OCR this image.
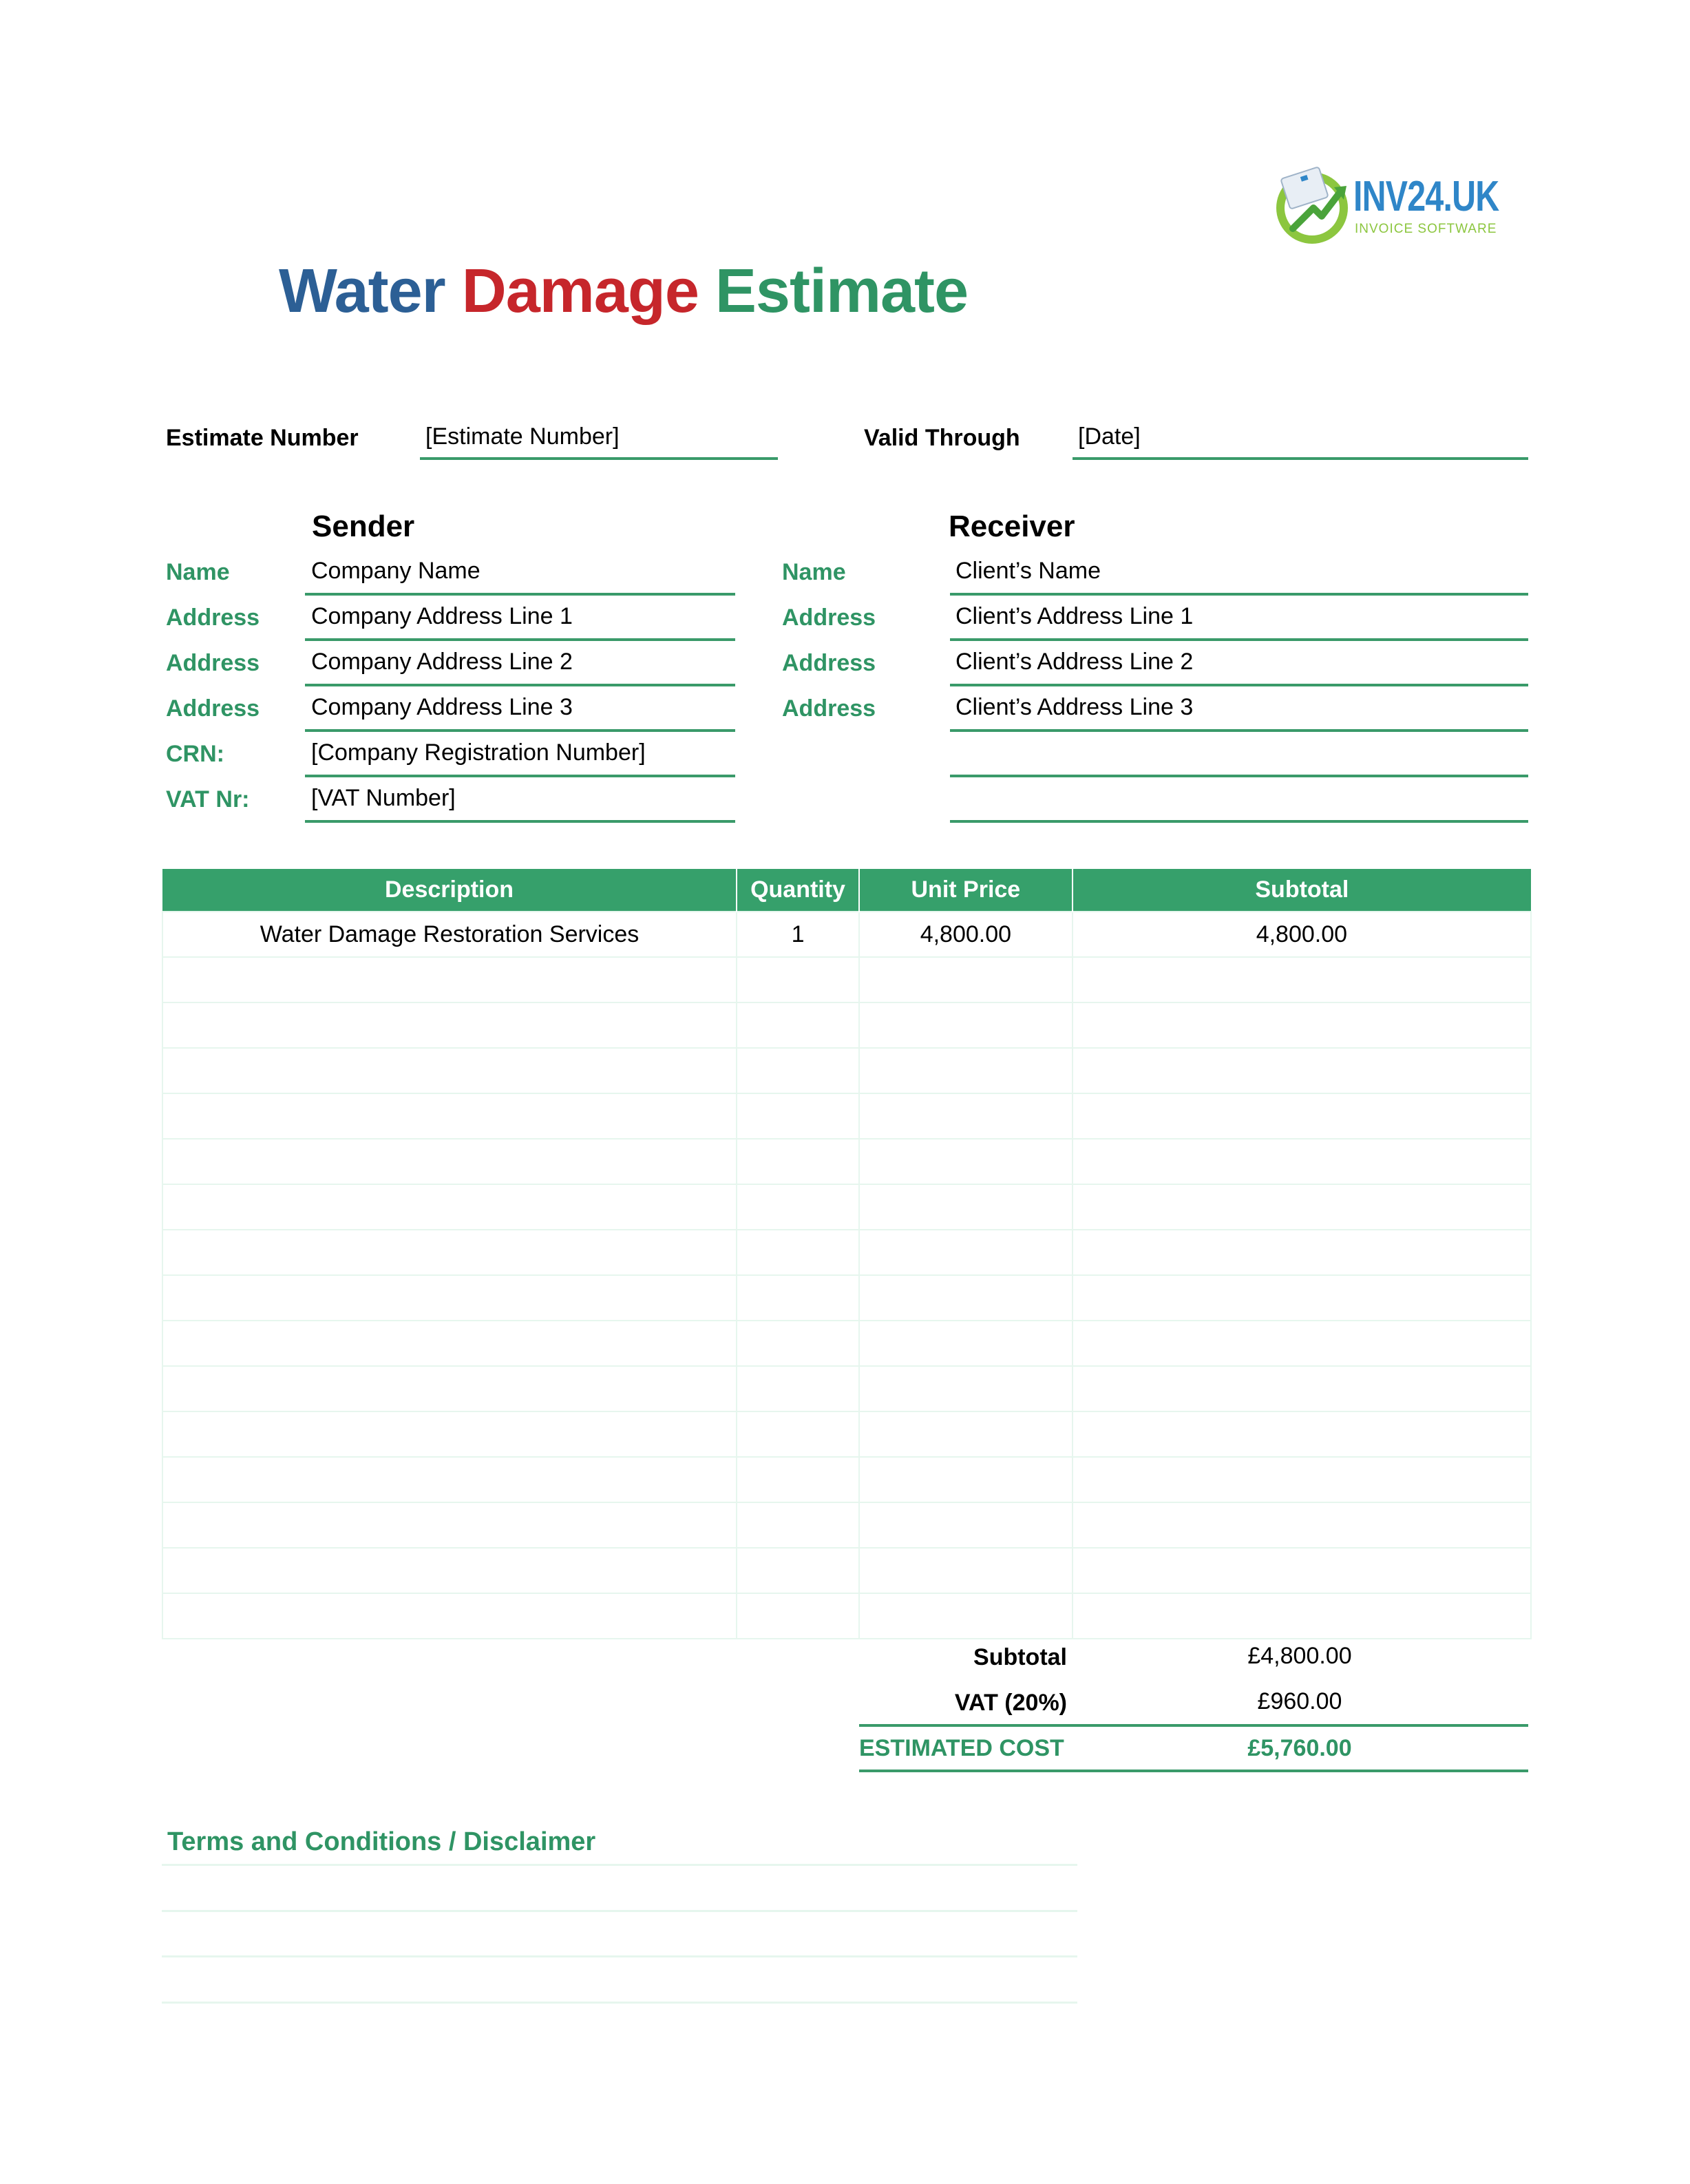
INV24.UK
INVOICE SOFTWARE
Water Damage Estimate
Estimate Number	[Estimate Number]	Valid Through [Date]
Sender
Name	Company Name
Address Company Address Line 1
Address Company Address Line 2
Address Company Address Line 3
CRN:	[Company Registration Number]
VAT Nr:	[VAT Number]
Receiver
Name	Client’s Name
Address	Client’s Address Line 1
Address	Client’s Address Line 2
Address	Client’s Address Line 3
Description	Quantity	Unit Price	Subtotal
Water Damage Restoration Services	1	4,800.00	4,800.00

Subtotal	£4,800.00
VAT (20%)	£960.00
ESTIMATED COST	£5,760.00
Terms and Conditions / Disclaimer
